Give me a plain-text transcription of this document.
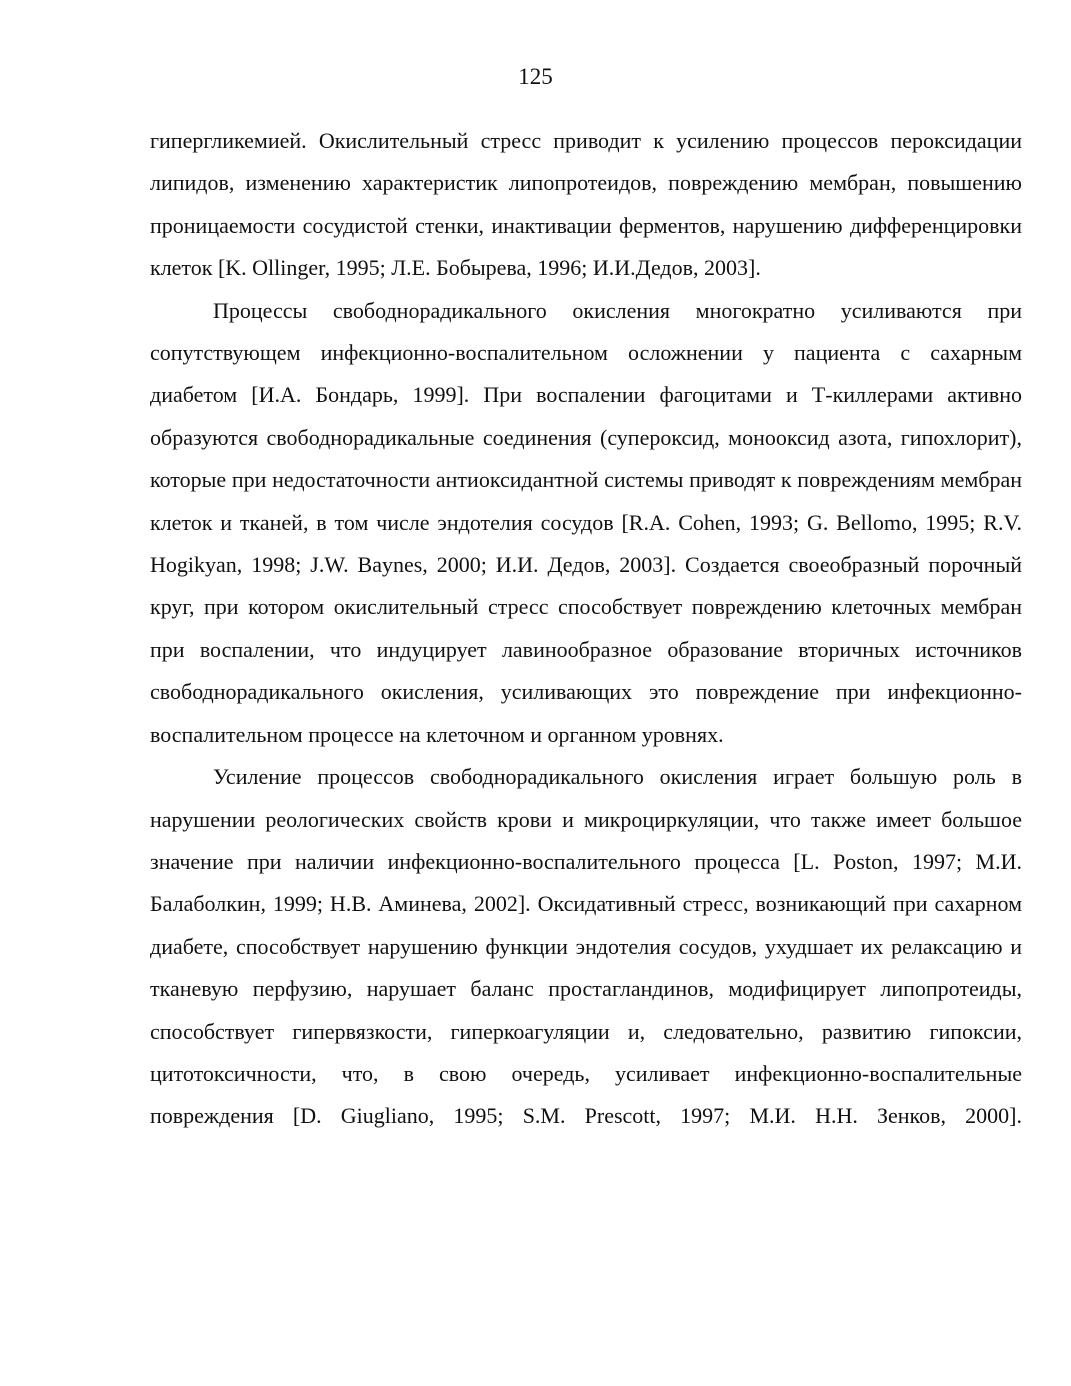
125

гипергликемией. Окислительный стресс приводит к усилению процессов пероксидации липидов, изменению характеристик липопротеидов, повреждению мембран, повышению проницаемости сосудистой стенки, инактивации ферментов, нарушению дифференцировки клеток [K. Ollinger, 1995; Л.Е. Бобырева, 1996; И.И.Дедов, 2003].

Процессы свободнорадикального окисления многократно усиливаются при сопутствующем инфекционно-воспалительном осложнении у пациента с сахарным диабетом [И.А. Бондарь, 1999]. При воспалении фагоцитами и Т-киллерами активно образуются свободнорадикальные соединения (супероксид, монооксид азота, гипохлорит), которые при недостаточности антиоксидантной системы приводят к повреждениям мембран клеток и тканей, в том числе эндотелия сосудов [R.A. Cohen, 1993; G. Bellomo, 1995; R.V. Hogikyan, 1998; J.W. Baynes, 2000; И.И. Дедов, 2003]. Создается своеобразный порочный круг, при котором окислительный стресс способствует повреждению клеточных мембран при воспалении, что индуцирует лавинообразное образование вторичных источников свободнорадикального окисления, усиливающих это повреждение при инфекционно-воспалительном процессе на клеточном и органном уровнях.

Усиление процессов свободнорадикального окисления играет большую роль в нарушении реологических свойств крови и микроциркуляции, что также имеет большое значение при наличии инфекционно-воспалительного процесса [L. Poston, 1997; М.И. Балаболкин, 1999; Н.В. Аминева, 2002]. Оксидативный стресс, возникающий при сахарном диабете, способствует нарушению функции эндотелия сосудов, ухудшает их релаксацию и тканевую перфузию, нарушает баланс простагландинов, модифицирует липопротеиды, способствует гипервязкости, гиперкоагуляции и, следовательно, развитию гипоксии, цитотоксичности, что, в свою очередь, усиливает инфекционно-воспалительные повреждения [D. Giugliano, 1995; S.M. Prescott, 1997; М.И. Н.Н. Зенков, 2000].
